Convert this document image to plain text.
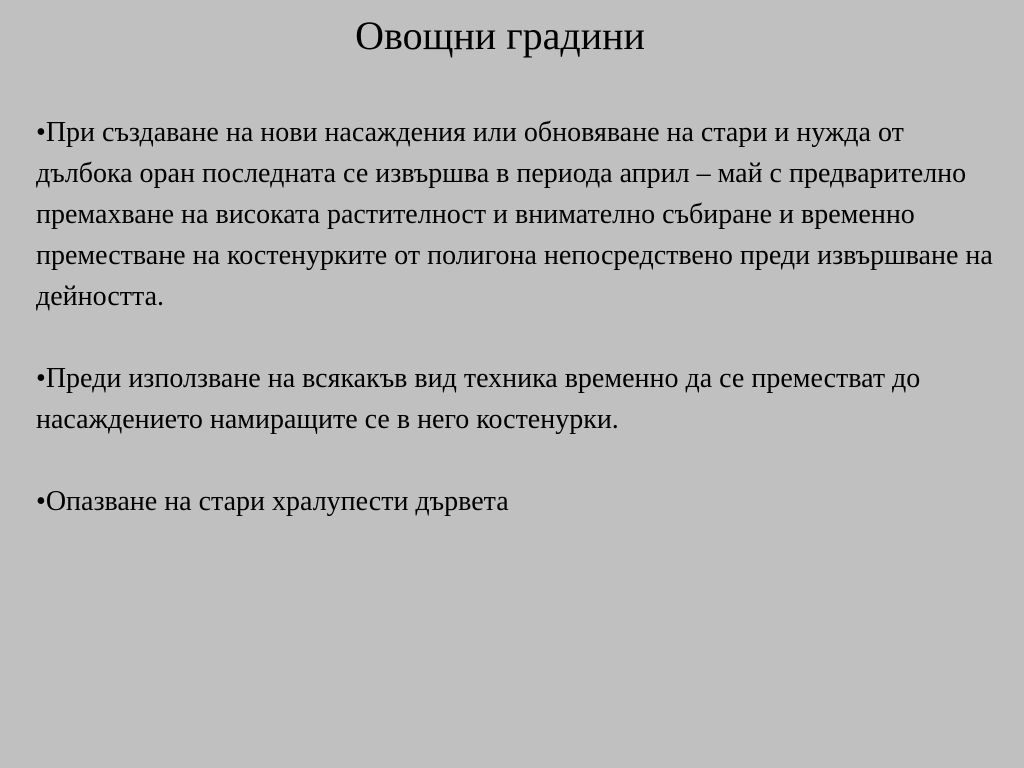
Овощни градини
•При създаване на нови насаждения или обновяване на стари и нужда от дълбока оран последната се извършва в периода април – май с предварително премахване на високата растителност и внимателно събиране и временно преместване на костенурките от полигона непосредствено преди извършване на дейността.
•Преди използване на всякакъв вид техника временно да се преместват до насаждението намиращите се в него костенурки.
•Опазване на стари хралупести дървета
